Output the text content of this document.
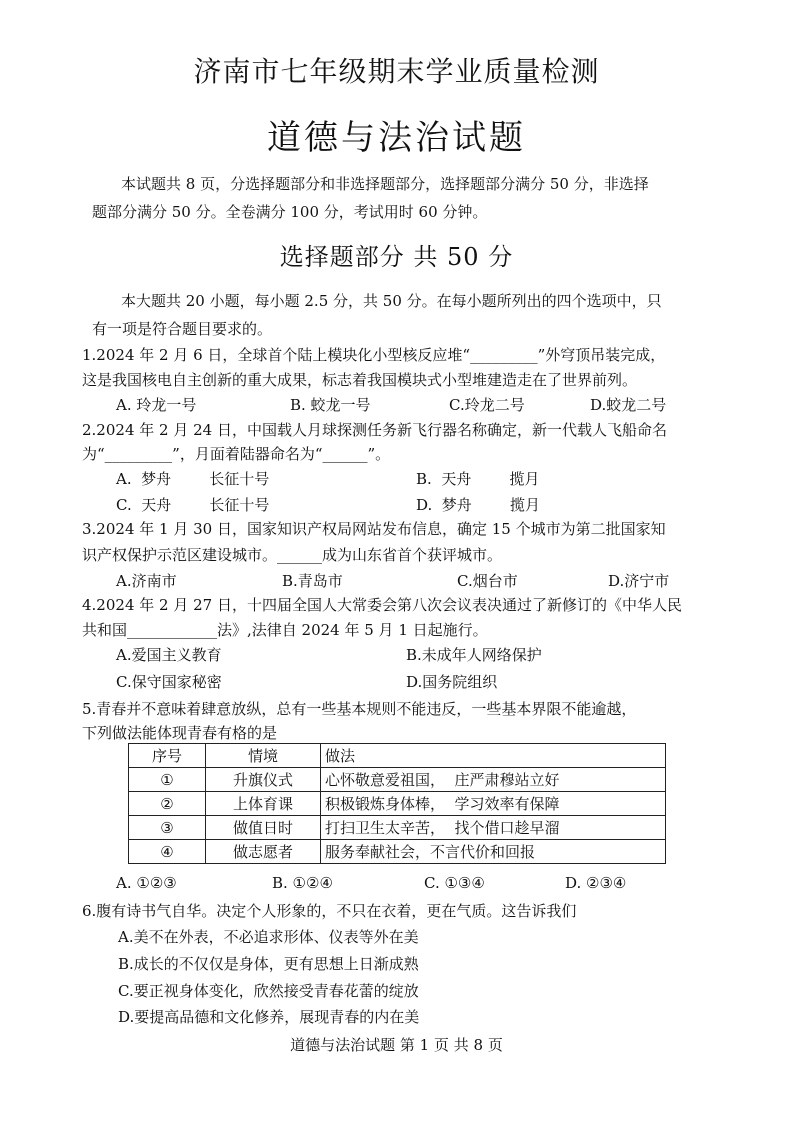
济南市七年级期末学业质量检测
道德与法治试题
本试题共 8 页，分选择题部分和非选择题部分，选择题部分满分 50 分，非选择
题部分满分 50 分。全卷满分 100 分，考试用时 60 分钟。
选择题部分 共 50 分
本大题共 20 小题，每小题 2.5 分，共 50 分。在每小题所列出的四个选项中，只
有一项是符合题目要求的。
1.2024 年 2 月 6 日，全球首个陆上模块化小型核反应堆“_________”外穹顶吊装完成，
这是我国核电自主创新的重大成果，标志着我国模块式小型堆建造走在了世界前列。
A. 玲龙一号	B. 蛟龙一号	C.玲龙二号	D.蛟龙二号
2.2024 年 2 月 24 日，中国载人月球探测任务新飞行器名称确定，新一代载人飞船命名
为“_________”，月面着陆器命名为“______”。
A.  梦舟        长征十号	B.  天舟        揽月
C.  天舟        长征十号	D.  梦舟        揽月
3.2024 年 1 月 30 日，国家知识产权局网站发布信息，确定 15 个城市为第二批国家知
识产权保护示范区建设城市。______成为山东省首个获评城市。
A.济南市	B.青岛市	C.烟台市	D.济宁市
4.2024 年 2 月 27 日，十四届全国人大常委会第八次会议表决通过了新修订的《中华人民
共和国____________法》,法律自 2024 年 5 月 1 日起施行。
A.爱国主义教育	B.未成年人网络保护
C.保守国家秘密	D.国务院组织
5.青春并不意味着肆意放纵，总有一些基本规则不能违反，一些基本界限不能逾越，
下列做法能体现青春有格的是
序号	情境	做法
①	升旗仪式	心怀敬意爱祖国，  庄严肃穆站立好
②	上体育课	积极锻炼身体棒，  学习效率有保障
③	做值日时	打扫卫生太辛苦，  找个借口趁早溜
④	做志愿者	服务奉献社会，不言代价和回报
A. ①②③	B. ①②④	C. ①③④	D. ②③④
6.腹有诗书气自华。决定个人形象的，不只在衣着，更在气质。这告诉我们
A.美不在外表，不必追求形体、仪表等外在美
B.成长的不仅仅是身体，更有思想上日渐成熟
C.要正视身体变化，欣然接受青春花蕾的绽放
D.要提高品德和文化修养，展现青春的内在美
道德与法治试题 第 1 页 共 8 页
